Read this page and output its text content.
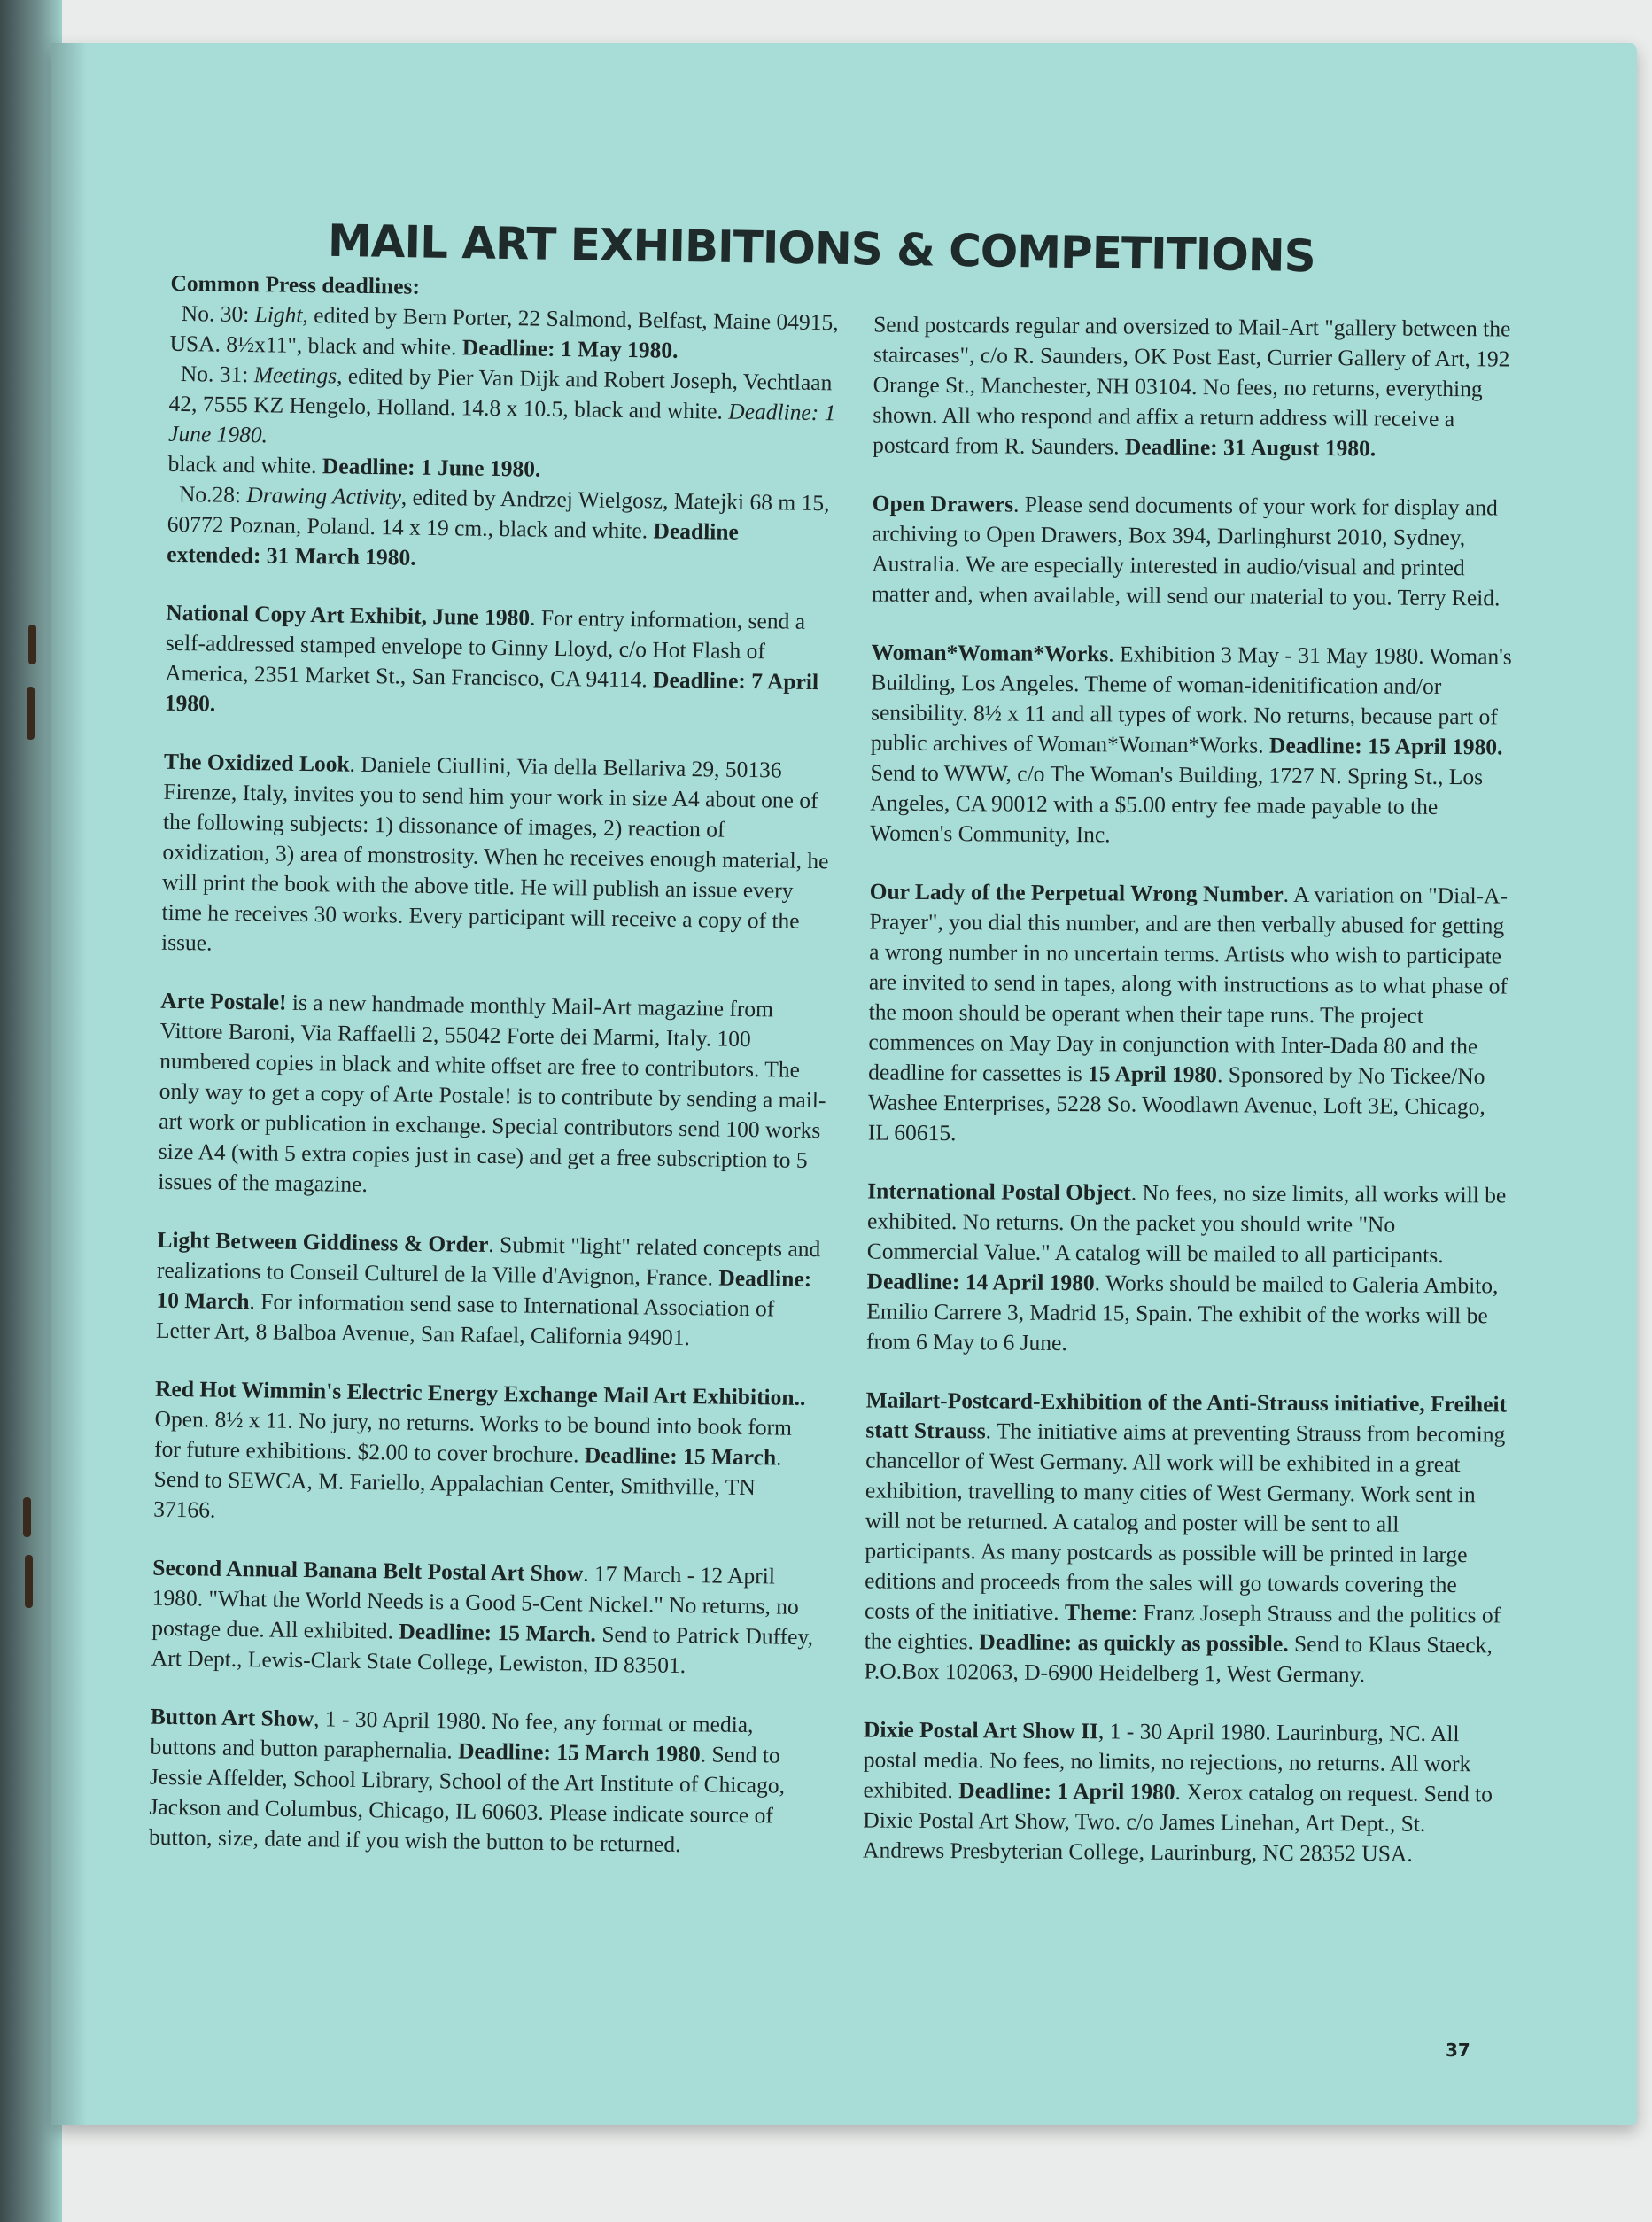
MAIL ART EXHIBITIONS & COMPETITIONS

Common Press deadlines:

No. 30: Light, edited by Bern Porter, 22 Salmond, Belfast, Maine 04915, USA. 8½x11", black and white. Deadline: 1 May 1980.

No. 31: Meetings, edited by Pier Van Dijk and Robert Joseph, Vechtlaan 42, 7555 KZ Hengelo, Holland. 14.8 x 10.5, black and white. Deadline: 1 June 1980.

black and white. Deadline: 1 June 1980.

No.28: Drawing Activity, edited by Andrzej Wielgosz, Matejki 68 m 15, 60772 Poznan, Poland. 14 x 19 cm., black and white. Deadline extended: 31 March 1980.

National Copy Art Exhibit, June 1980. For entry information, send a self-addressed stamped envelope to Ginny Lloyd, c/o Hot Flash of America, 2351 Market St., San Francisco, CA 94114. Deadline: 7 April 1980.

The Oxidized Look. Daniele Ciullini, Via della Bellariva 29, 50136 Firenze, Italy, invites you to send him your work in size A4 about one of the following subjects: 1) dissonance of images, 2) reaction of oxidization, 3) area of monstrosity. When he receives enough material, he will print the book with the above title. He will publish an issue every time he receives 30 works. Every participant will receive a copy of the issue.

Arte Postale! is a new handmade monthly Mail-Art magazine from Vittore Baroni, Via Raffaelli 2, 55042 Forte dei Marmi, Italy. 100 numbered copies in black and white offset are free to contributors. The only way to get a copy of Arte Postale! is to contribute by sending a mail-art work or publication in exchange. Special contributors send 100 works size A4 (with 5 extra copies just in case) and get a free subscription to 5 issues of the magazine.

Light Between Giddiness & Order. Submit "light" related concepts and realizations to Conseil Culturel de la Ville d'Avignon, France. Deadline: 10 March. For information send sase to International Association of Letter Art, 8 Balboa Avenue, San Rafael, California 94901.

Red Hot Wimmin's Electric Energy Exchange Mail Art Exhibition.. Open. 8½ x 11. No jury, no returns. Works to be bound into book form for future exhibitions. $2.00 to cover brochure. Deadline: 15 March. Send to SEWCA, M. Fariello, Appalachian Center, Smithville, TN 37166.

Second Annual Banana Belt Postal Art Show. 17 March - 12 April 1980. "What the World Needs is a Good 5-Cent Nickel." No returns, no postage due. All exhibited. Deadline: 15 March. Send to Patrick Duffey, Art Dept., Lewis-Clark State College, Lewiston, ID 83501.

Button Art Show, 1 - 30 April 1980. No fee, any format or media, buttons and button paraphernalia. Deadline: 15 March 1980. Send to Jessie Affelder, School Library, School of the Art Institute of Chicago, Jackson and Columbus, Chicago, IL 60603. Please indicate source of button, size, date and if you wish the button to be returned.

Send postcards regular and oversized to Mail-Art "gallery between the staircases", c/o R. Saunders, OK Post East, Currier Gallery of Art, 192 Orange St., Manchester, NH 03104. No fees, no returns, everything shown. All who respond and affix a return address will receive a postcard from R. Saunders. Deadline: 31 August 1980.

Open Drawers. Please send documents of your work for display and archiving to Open Drawers, Box 394, Darlinghurst 2010, Sydney, Australia. We are especially interested in audio/visual and printed matter and, when available, will send our material to you. Terry Reid.

Woman*Woman*Works. Exhibition 3 May - 31 May 1980. Woman's Building, Los Angeles. Theme of woman-idenitification and/or sensibility. 8½ x 11 and all types of work. No returns, because part of public archives of Woman*Woman*Works. Deadline: 15 April 1980. Send to WWW, c/o The Woman's Building, 1727 N. Spring St., Los Angeles, CA 90012 with a $5.00 entry fee made payable to the Women's Community, Inc.

Our Lady of the Perpetual Wrong Number. A variation on "Dial-A-Prayer", you dial this number, and are then verbally abused for getting a wrong number in no uncertain terms. Artists who wish to participate are invited to send in tapes, along with instructions as to what phase of the moon should be operant when their tape runs. The project commences on May Day in conjunction with Inter-Dada 80 and the deadline for cassettes is 15 April 1980. Sponsored by No Tickee/No Washee Enterprises, 5228 So. Woodlawn Avenue, Loft 3E, Chicago, IL 60615.

International Postal Object. No fees, no size limits, all works will be exhibited. No returns. On the packet you should write "No Commercial Value." A catalog will be mailed to all participants. Deadline: 14 April 1980. Works should be mailed to Galeria Ambito, Emilio Carrere 3, Madrid 15, Spain. The exhibit of the works will be from 6 May to 6 June.

Mailart-Postcard-Exhibition of the Anti-Strauss initiative, Freiheit statt Strauss. The initiative aims at preventing Strauss from becoming chancellor of West Germany. All work will be exhibited in a great exhibition, travelling to many cities of West Germany. Work sent in will not be returned. A catalog and poster will be sent to all participants. As many postcards as possible will be printed in large editions and proceeds from the sales will go towards covering the costs of the initiative. Theme: Franz Joseph Strauss and the politics of the eighties. Deadline: as quickly as possible. Send to Klaus Staeck, P.O.Box 102063, D-6900 Heidelberg 1, West Germany.

Dixie Postal Art Show II, 1 - 30 April 1980. Laurinburg, NC. All postal media. No fees, no limits, no rejections, no returns. All work exhibited. Deadline: 1 April 1980. Xerox catalog on request. Send to Dixie Postal Art Show, Two. c/o James Linehan, Art Dept., St. Andrews Presbyterian College, Laurinburg, NC 28352 USA.

37
